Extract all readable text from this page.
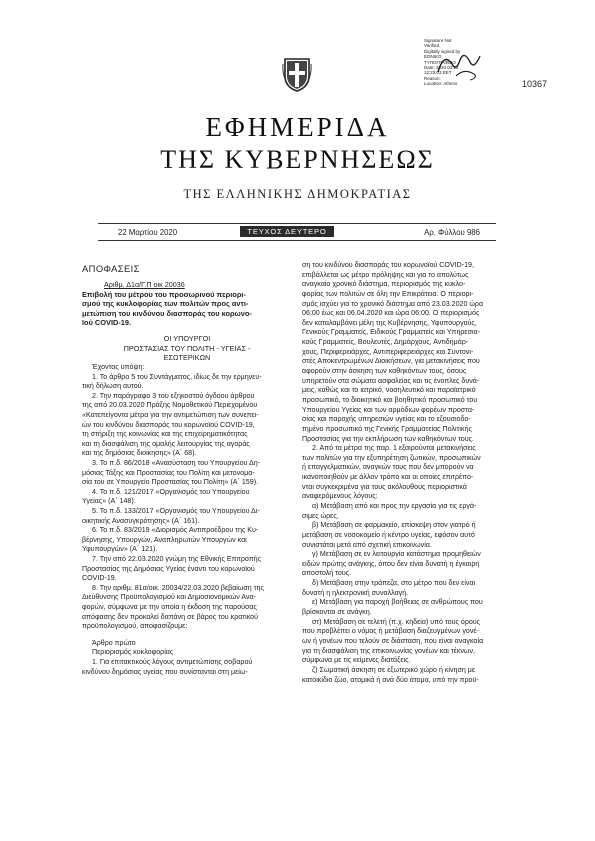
Signature Not
Verified
Digitally signed by
ΕΘΝΙΚΟ
ΤΥΠΟΓΡΑΦΕΙΟ
Date: 2020.03.22
12:22:03 EET
Reason:
Location: Athens	10367
ΕΦΗΜΕΡΙΔΑ
ΤΗΣ ΚΥΒΕΡΝΗΣΕΩΣ
ΤΗΣ ΕΛΛΗΝΙΚΗΣ ΔΗΜΟΚΡΑΤΙΑΣ
22 Μαρτίου 2020	ΤΕΥΧΟΣ ΔΕΥΤΕΡΟ	Αρ. Φύλλου 986
ΑΠΟΦΑΣΕΙΣ
Αριθμ. Δ1α/Γ.Π οικ 20036
Επιβολή του μέτρου του προσωρινού περιορι-
σμού της κυκλοφορίας των πολιτών προς αντι-
μετώπιση του κινδύνου διασποράς του κορωνο-
ϊού COVID-19.
ΟΙ ΥΠΟΥΡΓΟΙ
ΠΡΟΣΤΑΣΙΑΣ ΤΟΥ ΠΟΛΙΤΗ - ΥΓΕΙΑΣ -
ΕΣΩΤΕΡΙΚΩΝ
Έχοντας υπόψη:
1. Το άρθρο 5 του Συντάγματος, ιδίως δε την ερμηνευ-
τική δήλωση αυτού.
2. Την παράγραφο 3 του εξηκοστού όγδοου άρθρου
της από 20.03.2020 Πράξης Νομοθετικού Περιεχομένου
«Κατεπείγοντα μέτρα για την αντιμετώπιση των συνεπει-
ών του κινδύνου διασποράς του κορωνοϊού COVID-19,
τη στήριξη της κοινωνίας και της επιχειρηματικότητας
και τη διασφάλιση της ομαλής λειτουργίας της αγοράς
και της δημόσιας διοίκησης» (Α΄ 68).
3. Το π.δ. 86/2018 «Ανασύσταση του Υπουργείου Δη-
μόσιας Τάξης και Προστασίας του Πολίτη και μετονομα-
σία του σε Υπουργείο Προστασίας του Πολίτη» (Α΄ 159).
4. Το π.δ. 121/2017 «Οργανισμός του Υπουργείου
Υγείας» (Α΄ 148).
5. Το π.δ. 133/2017 «Οργανισμός του Υπουργείου Δι-
οικητικής Ανασυγκρότησης» (Α΄ 161).
6. Το π.δ. 83/2019 «Διορισμός Αντιπροέδρου της Κυ-
βέρνησης, Υπουργών, Αναπληρωτών Υπουργών και
Υφυπουργών» (Α΄ 121).
7. Την από 22.03.2020 γνώμη της Εθνικής Επιτροπής
Προστασίας της Δημόσιας Υγείας έναντι του κορωνοϊού
COVID-19.
8. Την αριθμ. 81α/οικ. 20034/22.03.2020 βεβαίωση της
Διεύθυνσης Προϋπολογισμού και Δημοσιονομικών Ανα-
φορών, σύμφωνα με την οποία η έκδοση της παρούσας
απόφασης δεν προκαλεί δαπάνη σε βάρος του κρατικού
προϋπολογισμού, αποφασίζουμε:
Άρθρο πρώτο
Περιορισμός κυκλοφορίας
1. Για επιτακτικούς λόγους αντιμετώπισης σοβαρού
κινδύνου δημόσιας υγείας που συνίστανται στη μείω-
ση του κινδύνου διασποράς του κορωνοϊού COVID-19,
επιβάλλεται ως μέτρο πρόληψης και για το απολύτως
αναγκαίο χρονικό διάστημα, περιορισμός της κυκλο-
φορίας των πολιτών σε όλη την Επικράτεια. Ο περιορι-
σμός ισχύει για το χρονικό διάστημα από 23.03.2020 ώρα
06:00 έως και 06.04.2020 και ώρα 06:00. Ο περιορισμός
δεν καταλαμβάνει μέλη της Κυβέρνησης, Υφυπουργούς,
Γενικούς Γραμματείς, Ειδικούς Γραμματείς και Υπηρεσια-
κούς Γραμματείς, Βουλευτές, Δημάρχους, Αντιδημάρ-
χους, Περιφερειάρχες, Αντιπεριφερειάρχες και Συντονι-
στές Αποκεντρωμένων Διοικήσεων, για μετακινήσεις που
αφορούν στην άσκηση των καθηκόντων τους, όσους
υπηρετούν στα σώματα ασφαλείας και τις ένοπλες δυνά-
μεις, καθώς και το ιατρικό, νοσηλευτικό και παραϊατρικό
προσωπικό, το διοικητικό και βοηθητικό προσωπικό του
Υπουργείου Υγείας και των αρμόδιων φορέων προστα-
σίας και παροχής υπηρεσιών υγείας και το εξουσιοδο-
τημένο προσωπικό της Γενικής Γραμματείας Πολιτικής
Προστασίας για την εκπλήρωση των καθηκόντων τους.
2. Από τα μέτρα της παρ. 1 εξαιρούνται μετακινήσεις
των πολιτών για την εξυπηρέτηση ζωτικών, προσωπικών
ή επαγγελματικών, αναγκών τους που δεν μπορούν να
ικανοποιηθούν με άλλον τρόπο και οι οποίες επιτρέπο-
νται συγκεκριμένα για τους ακόλουθους περιοριστικά
αναφερόμενους λόγους:
α) Μετάβαση από και προς την εργασία για τις εργά-
σιμες ώρες.
β) Μετάβαση σε φαρμακείο, επίσκεψη στον γιατρό ή
μετάβαση σε νοσοκομείο ή κέντρο υγείας, εφόσον αυτό
συνιστάται μετά από σχετική επικοινωνία.
γ) Μετάβαση σε εν λειτουργία κατάστημα προμηθειών
ειδών πρώτης ανάγκης, όπου δεν είναι δυνατή η έγκαιρη
αποστολή τους.
δ) Μετάβαση στην τράπεζα, στο μέτρο που δεν είναι
δυνατή η ηλεκτρονική συναλλαγή.
ε) Μετάβαση για παροχή βοήθειας σε ανθρώπους που
βρίσκονται σε ανάγκη.
στ) Μετάβαση σε τελετή (π.χ. κηδεία) υπό τους όρους
που προβλέπει ο νόμος ή μετάβαση διαζευγμένων γονέ-
ων ή γονέων που τελούν σε διάσταση, που είναι αναγκαία
για τη διασφάλιση της επικοινωνίας γονέων και τέκνων,
σύμφωνα με τις κείμενες διατάξεις.
ζ) Σωματική άσκηση σε εξωτερικό χώρο ή κίνηση με
κατοικίδιο ζώο, ατομικά ή ανά δύο άτομα, υπό την προϋ-
